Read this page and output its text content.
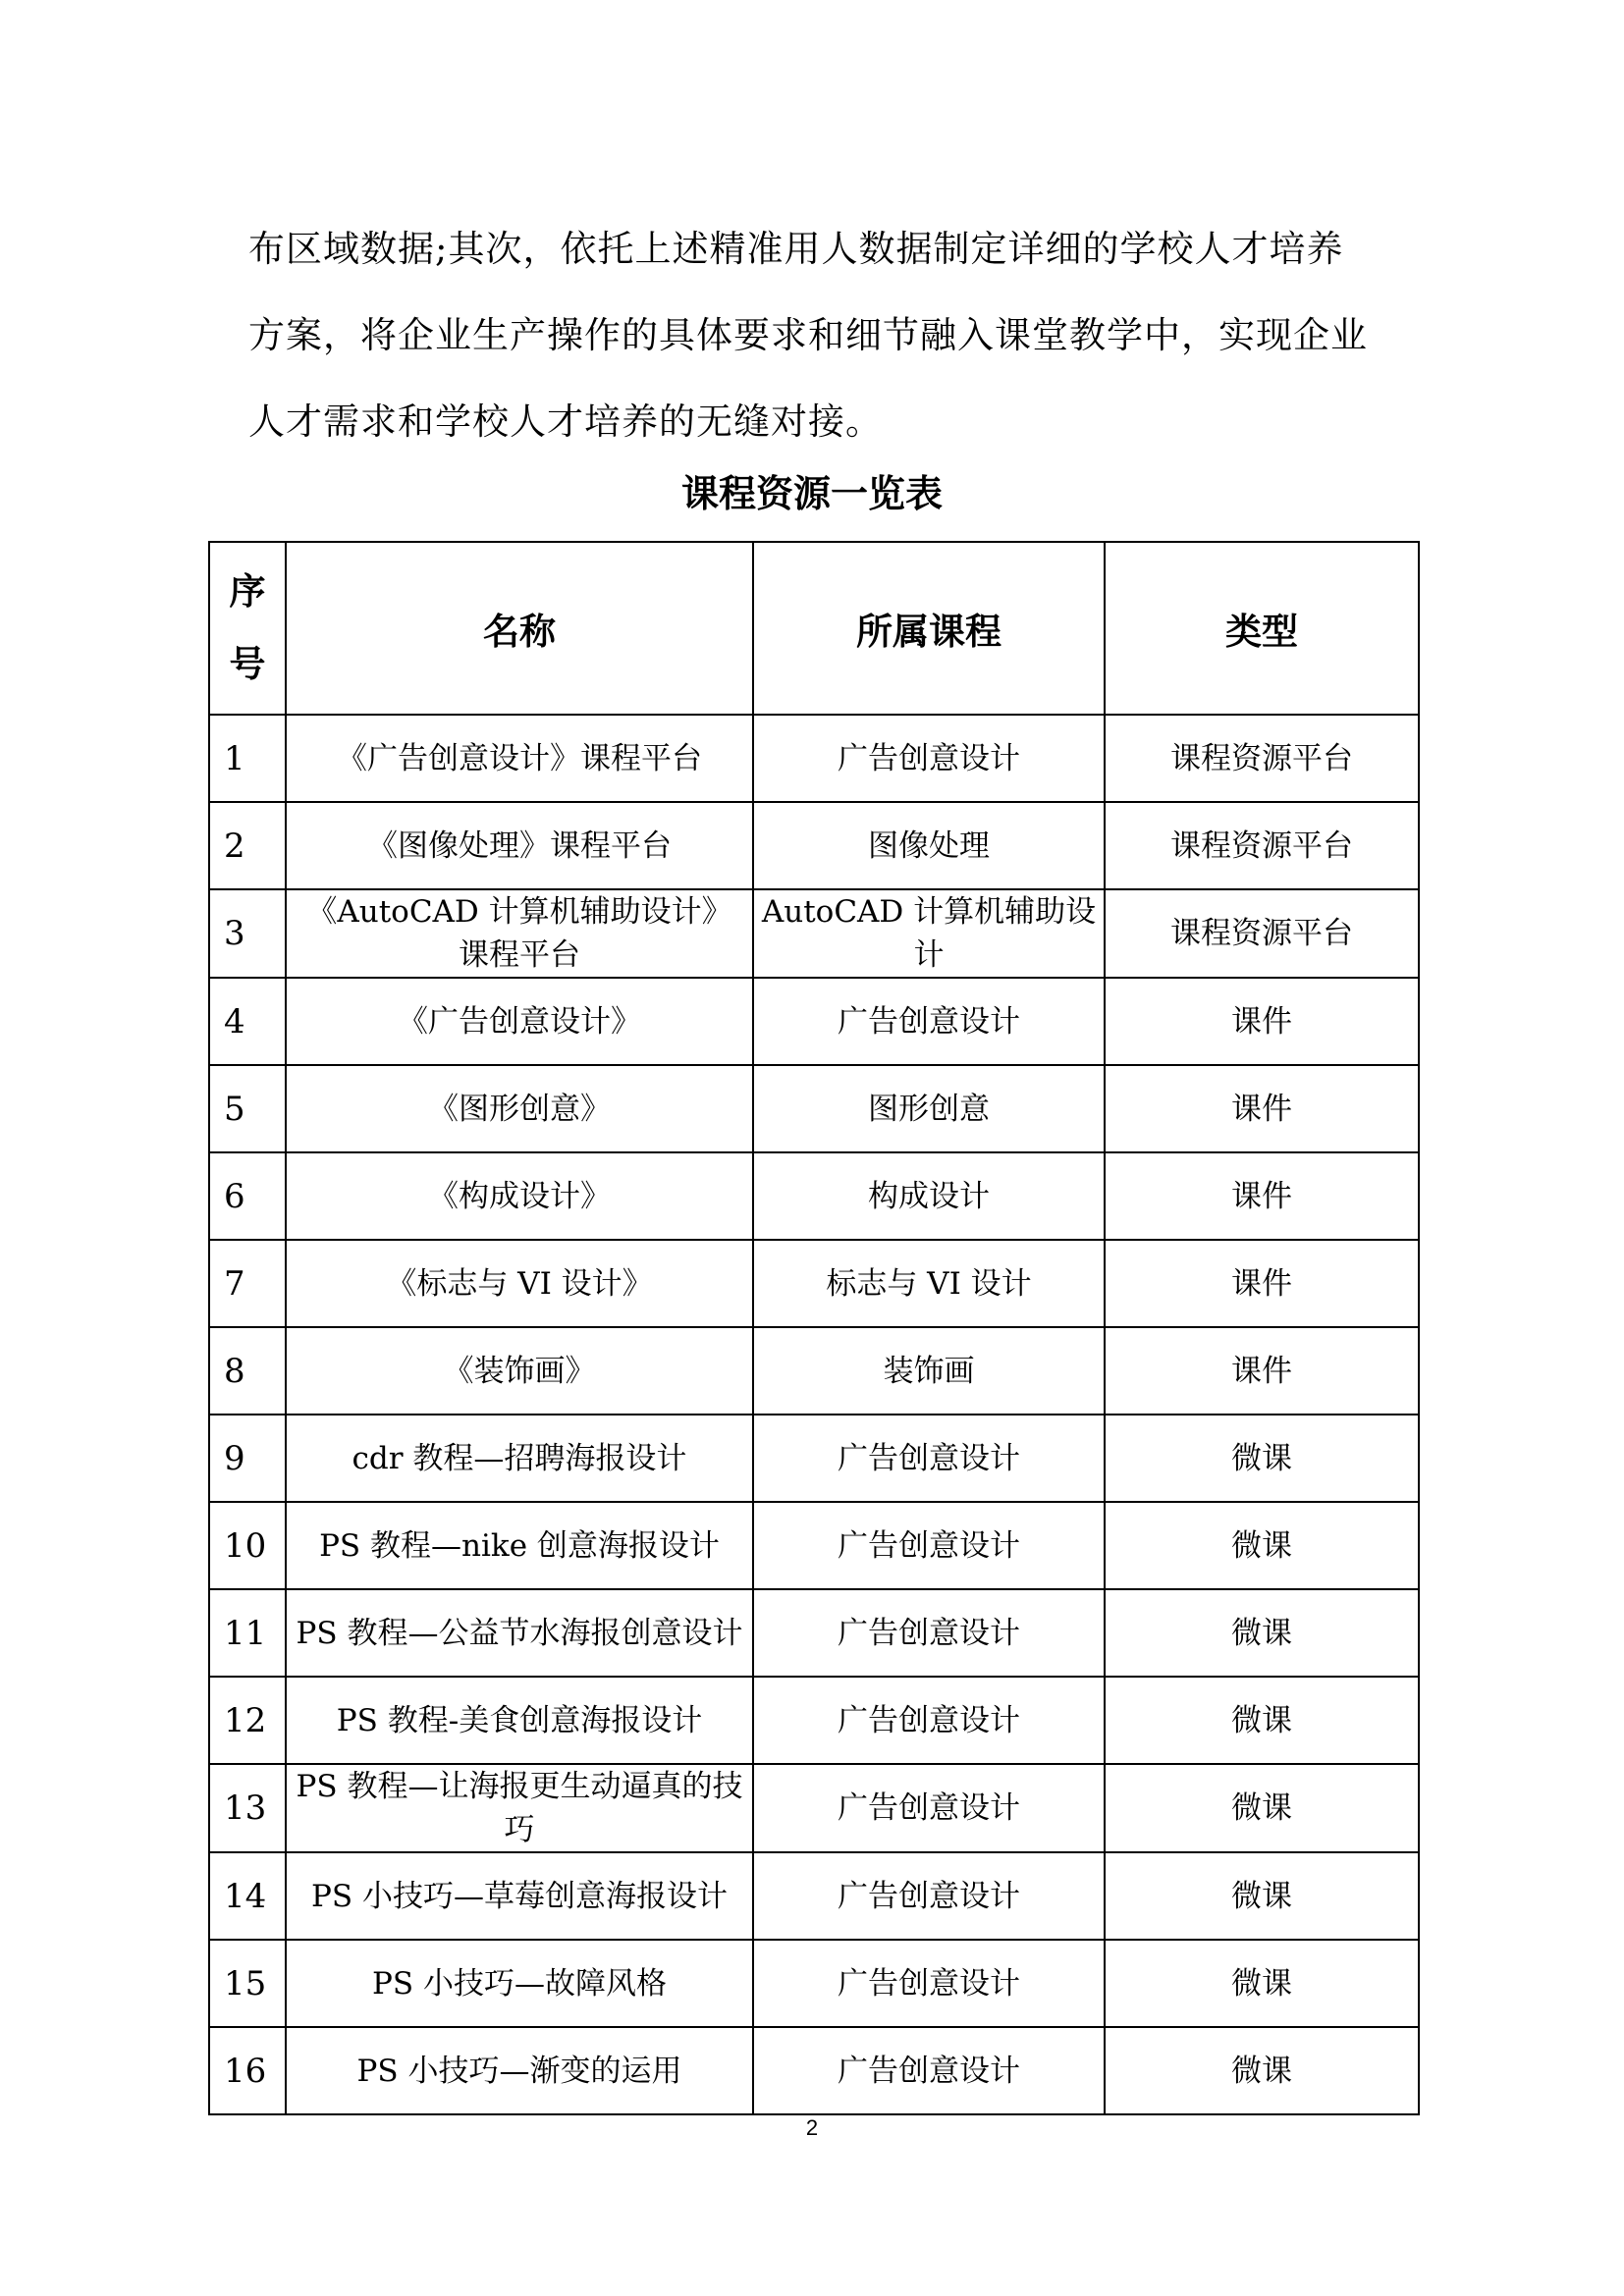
布区域数据;其次，依托上述精准用人数据制定详细的学校人才培养
方案，将企业生产操作的具体要求和细节融入课堂教学中，实现企业
人才需求和学校人才培养的无缝对接。
课程资源一览表
序
号	名称	所属课程	类型
1	《广告创意设计》课程平台	广告创意设计	课程资源平台
2	《图像处理》课程平台	图像处理	课程资源平台
3	《AutoCAD 计算机辅助设计》课程平台	AutoCAD 计算机辅助设计	课程资源平台
4	《广告创意设计》	广告创意设计	课件
5	《图形创意》	图形创意	课件
6	《构成设计》	构成设计	课件
7	《标志与 VI 设计》	标志与 VI 设计	课件
8	《装饰画》	装饰画	课件
9	cdr 教程—招聘海报设计	广告创意设计	微课
10	PS 教程—nike 创意海报设计	广告创意设计	微课
11	PS 教程—公益节水海报创意设计	广告创意设计	微课
12	PS 教程-美食创意海报设计	广告创意设计	微课
13	PS 教程—让海报更生动逼真的技巧	广告创意设计	微课
14	PS 小技巧—草莓创意海报设计	广告创意设计	微课
15	PS 小技巧—故障风格	广告创意设计	微课
16	PS 小技巧—渐变的运用	广告创意设计	微课
2
